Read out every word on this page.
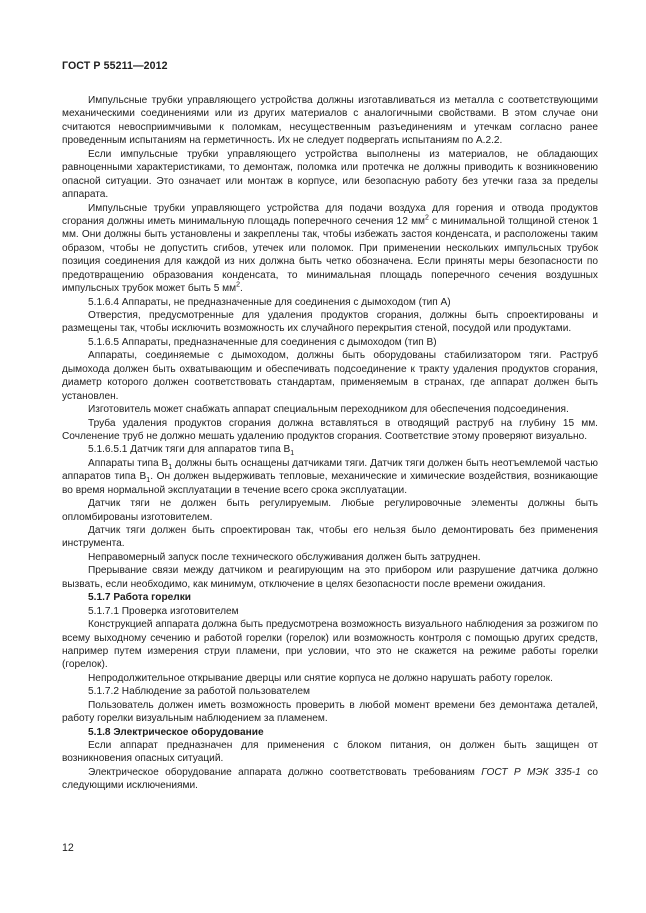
ГОСТ Р 55211—2012

Импульсные трубки управляющего устройства должны изготавливаться из металла с соответствующими механическими соединениями или из других материалов с аналогичными свойствами. В этом случае они считаются невосприимчивыми к поломкам, несущественным разъединениям и утечкам согласно ранее проведенным испытаниям на герметичность. Их не следует подвергать испытаниям по А.2.2.

Если импульсные трубки управляющего устройства выполнены из материалов, не обладающих равноценными характеристиками, то демонтаж, поломка или протечка не должны приводить к возникновению опасной ситуации. Это означает или монтаж в корпусе, или безопасную работу без утечки газа за пределы аппарата.

Импульсные трубки управляющего устройства для подачи воздуха для горения и отвода продуктов сгорания должны иметь минимальную площадь поперечного сечения 12 $мм^2$ с минимальной толщиной стенок 1 мм. Они должны быть установлены и закреплены так, чтобы избежать застоя конденсата, и расположены таким образом, чтобы не допустить сгибов, утечек или поломок. При применении нескольких импульсных трубок позиция соединения для каждой из них должна быть четко обозначена. Если приняты меры безопасности по предотвращению образования конденсата, то минимальная площадь поперечного сечения воздушных импульсных трубок может быть 5 $мм^2$.

5.1.6.4 Аппараты, не предназначенные для соединения с дымоходом (тип А)

Отверстия, предусмотренные для удаления продуктов сгорания, должны быть спроектированы и размещены так, чтобы исключить возможность их случайного перекрытия стеной, посудой или продуктами.

5.1.6.5 Аппараты, предназначенные для соединения с дымоходом (тип В)

Аппараты, соединяемые с дымоходом, должны быть оборудованы стабилизатором тяги. Раструб дымохода должен быть охватывающим и обеспечивать подсоединение к тракту удаления продуктов сгорания, диаметр которого должен соответствовать стандартам, применяемым в странах, где аппарат должен быть установлен.

Изготовитель может снабжать аппарат специальным переходником для обеспечения подсоединения.

Труба удаления продуктов сгорания должна вставляться в отводящий раструб на глубину 15 мм. Сочленение труб не должно мешать удалению продуктов сгорания. Соответствие этому проверяют визуально.

5.1.6.5.1 Датчик тяги для аппаратов типа $B_1$

Аппараты типа $B_1$ должны быть оснащены датчиками тяги. Датчик тяги должен быть неотъемлемой частью аппаратов типа $B_1$. Он должен выдерживать тепловые, механические и химические воздействия, возникающие во время нормальной эксплуатации в течение всего срока эксплуатации.

Датчик тяги не должен быть регулируемым. Любые регулировочные элементы должны быть опломбированы изготовителем.

Датчик тяги должен быть спроектирован так, чтобы его нельзя было демонтировать без применения инструмента.

Неправомерный запуск после технического обслуживания должен быть затруднен.

Прерывание связи между датчиком и реагирующим на это прибором или разрушение датчика должно вызвать, если необходимо, как минимум, отключение в целях безопасности после времени ожидания.

5.1.7 Работа горелки

5.1.7.1 Проверка изготовителем

Конструкцией аппарата должна быть предусмотрена возможность визуального наблюдения за розжигом по всему выходному сечению и работой горелки (горелок) или возможность контроля с помощью других средств, например путем измерения струи пламени, при условии, что это не скажется на режиме работы горелки (горелок).

Непродолжительное открывание дверцы или снятие корпуса не должно нарушать работу горелок.

5.1.7.2 Наблюдение за работой пользователем

Пользователь должен иметь возможность проверить в любой момент времени без демонтажа деталей, работу горелки визуальным наблюдением за пламенем.

5.1.8 Электрическое оборудование

Если аппарат предназначен для применения с блоком питания, он должен быть защищен от возникновения опасных ситуаций.

Электрическое оборудование аппарата должно соответствовать требованиям ГОСТ Р МЭК 335-1 со следующими исключениями.

12
